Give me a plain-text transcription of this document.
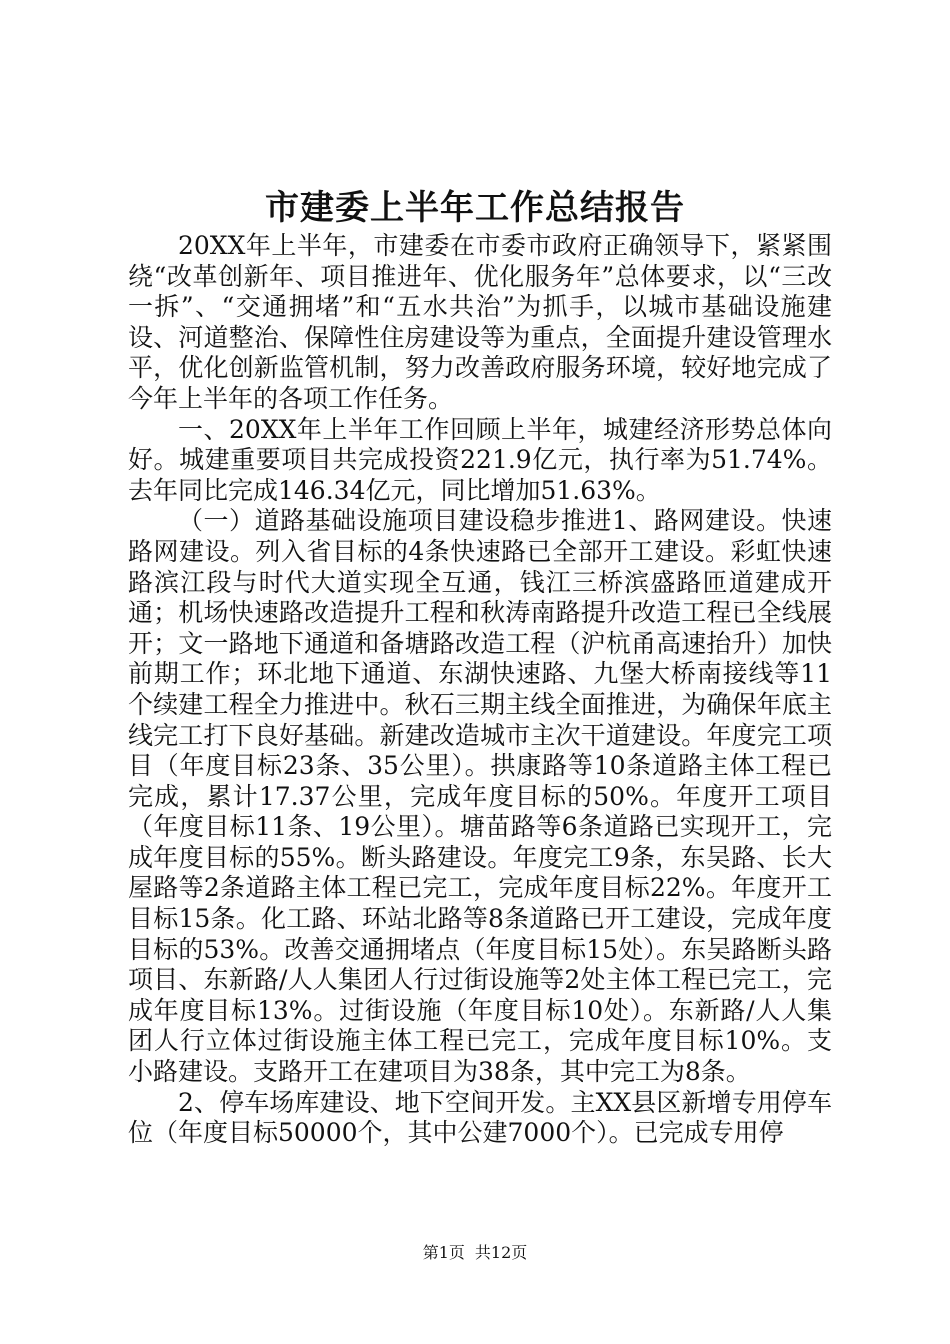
市建委上半年工作总结报告

20XX年上半年，市建委在市委市政府正确领导下，紧紧围绕“改革创新年、项目推进年、优化服务年”总体要求，以“三改一拆”、“交通拥堵”和“五水共治”为抓手，以城市基础设施建设、河道整治、保障性住房建设等为重点，全面提升建设管理水平，优化创新监管机制，努力改善政府服务环境，较好地完成了今年上半年的各项工作任务。

一、20XX年上半年工作回顾上半年，城建经济形势总体向好。城建重要项目共完成投资221.9亿元，执行率为51.74%。去年同比完成146.34亿元，同比增加51.63%。

（一）道路基础设施项目建设稳步推进1、路网建设。快速路网建设。列入省目标的4条快速路已全部开工建设。彩虹快速路滨江段与时代大道实现全互通，钱江三桥滨盛路匝道建成开通；机场快速路改造提升工程和秋涛南路提升改造工程已全线展开；文一路地下通道和备塘路改造工程（沪杭甬高速抬升）加快前期工作；环北地下通道、东湖快速路、九堡大桥南接线等11个续建工程全力推进中。秋石三期主线全面推进，为确保年底主线完工打下良好基础。新建改造城市主次干道建设。年度完工项目（年度目标23条、35公里）。拱康路等10条道路主体工程已完成，累计17.37公里，完成年度目标的50%。年度开工项目（年度目标11条、19公里）。塘苗路等6条道路已实现开工，完成年度目标的55%。断头路建设。年度完工9条，东吴路、长大屋路等2条道路主体工程已完工，完成年度目标22%。年度开工目标15条。化工路、环站北路等8条道路已开工建设，完成年度目标的53%。改善交通拥堵点（年度目标15处）。东吴路断头路项目、东新路/人人集团人行过街设施等2处主体工程已完工，完成年度目标13%。过街设施（年度目标10处）。东新路/人人集团人行立体过街设施主体工程已完工，完成年度目标10%。支小路建设。支路开工在建项目为38条，其中完工为8条。

2、停车场库建设、地下空间开发。主XX县区新增专用停车位（年度目标50000个，其中公建7000个）。已完成专用停

第1页 共12页
